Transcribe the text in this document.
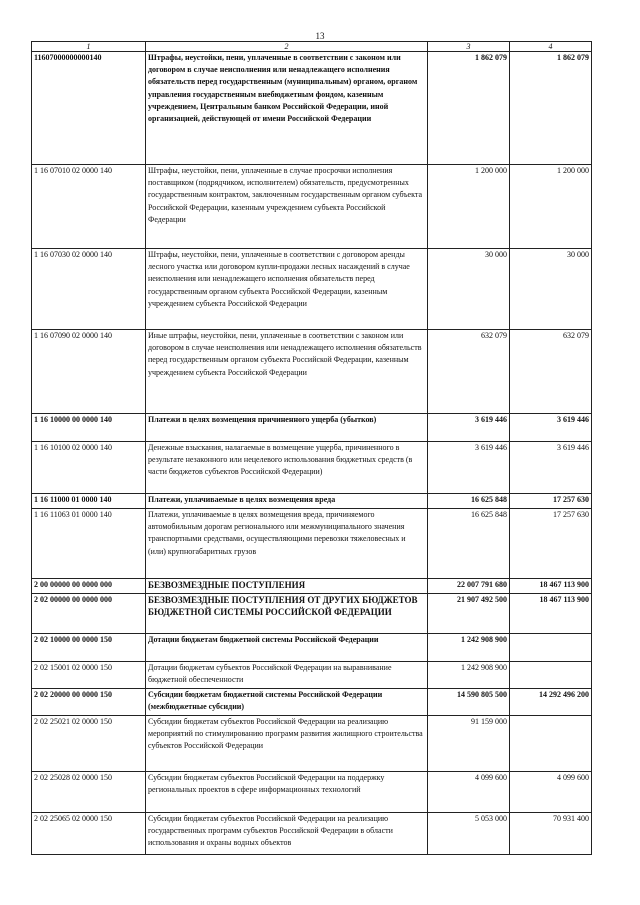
13
1	2	3	4
11607000000000140	Штрафы, неустойки, пени, уплаченные в соответствии с законом или договором в случае неисполнения или ненадлежащего исполнения обязательств перед государственным (муниципальным) органом, органом управления государственным внебюджетным фондом, казенным учреждением, Центральным банком Российской Федерации, иной организацией, действующей от имени Российской Федерации	1 862 079	1 862 079
1 16 07010 02 0000 140	Штрафы, неустойки, пени, уплаченные в случае просрочки исполнения поставщиком (подрядчиком, исполнителем) обязательств, предусмотренных государственным контрактом, заключенным государственным органом субъекта Российской Федерации, казенным учреждением субъекта Российской Федерации	1 200 000	1 200 000
1 16 07030 02 0000 140	Штрафы, неустойки, пени, уплаченные в соответствии с договором аренды лесного участка или договором купли-продажи лесных насаждений в случае неисполнения или ненадлежащего исполнения обязательств перед государственным органом субъекта Российской Федерации, казенным учреждением субъекта Российской Федерации	30 000	30 000
1 16 07090 02 0000 140	Иные штрафы, неустойки, пени, уплаченные в соответствии с законом или договором в случае неисполнения или ненадлежащего исполнения обязательств перед государственным органом субъекта Российской Федерации, казенным учреждением субъекта Российской Федерации	632 079	632 079
1 16 10000 00 0000 140	Платежи в целях возмещения причиненного ущерба (убытков)	3 619 446	3 619 446
1 16 10100 02 0000 140	Денежные взыскания, налагаемые в возмещение ущерба, причиненного в результате незаконного или нецелевого использования бюджетных средств (в части бюджетов субъектов Российской Федерации)	3 619 446	3 619 446
1 16 11000 01 0000 140	Платежи, уплачиваемые в целях возмещения вреда	16 625 848	17 257 630
1 16 11063 01 0000 140	Платежи, уплачиваемые в целях возмещения вреда, причиняемого автомобильным дорогам регионального или межмуниципального значения транспортными средствами, осуществляющими перевозки тяжеловесных и (или) крупногабаритных грузов	16 625 848	17 257 630
2 00 00000 00 0000 000	БЕЗВОЗМЕЗДНЫЕ ПОСТУПЛЕНИЯ	22 007 791 680	18 467 113 900
2 02 00000 00 0000 000	БЕЗВОЗМЕЗДНЫЕ ПОСТУПЛЕНИЯ ОТ ДРУГИХ БЮДЖЕТОВ БЮДЖЕТНОЙ СИСТЕМЫ РОССИЙСКОЙ ФЕДЕРАЦИИ	21 907 492 500	18 467 113 900
2 02 10000 00 0000 150	Дотации бюджетам бюджетной системы Российской Федерации	1 242 908 900	
2 02 15001 02 0000 150	Дотации бюджетам субъектов Российской Федерации на выравнивание бюджетной обеспеченности	1 242 908 900	
2 02 20000 00 0000 150	Субсидии бюджетам бюджетной системы Российской Федерации (межбюджетные субсидии)	14 590 805 500	14 292 496 200
2 02 25021 02 0000 150	Субсидии бюджетам субъектов Российской Федерации на реализацию мероприятий по стимулированию программ развития жилищного строительства субъектов Российской Федерации	91 159 000	
2 02 25028 02 0000 150	Субсидии бюджетам субъектов Российской Федерации на поддержку региональных проектов в сфере информационных технологий	4 099 600	4 099 600
2 02 25065 02 0000 150	Субсидии бюджетам субъектов Российской Федерации на реализацию государственных программ субъектов Российской Федерации в области использования и охраны водных объектов	5 053 000	70 931 400
